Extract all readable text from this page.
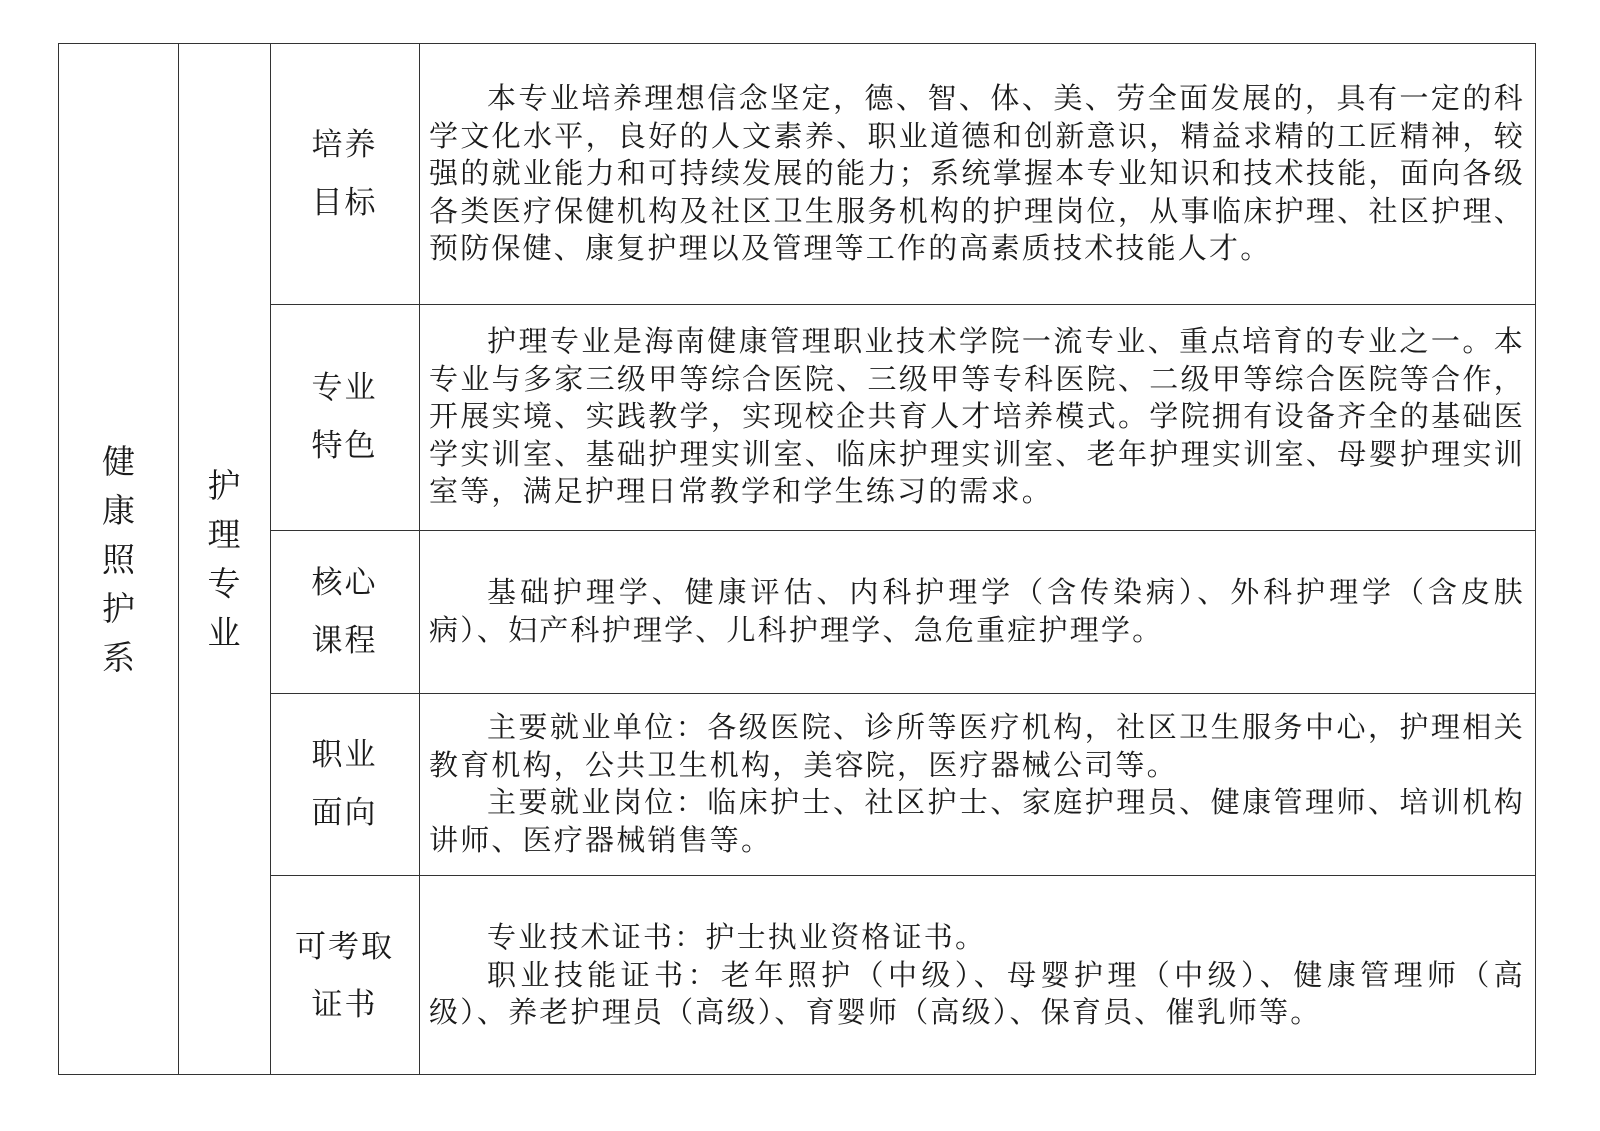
健
康
照
护
系
护
理
专
业
培养
目标

本专业培养理想信念坚定，德、智、体、美、劳全面发展的，具有一定的科学文化水平，良好的人文素养、职业道德和创新意识，精益求精的工匠精神，较强的就业能力和可持续发展的能力；系统掌握本专业知识和技术技能，面向各级各类医疗保健机构及社区卫生服务机构的护理岗位，从事临床护理、社区护理、预防保健、康复护理以及管理等工作的高素质技术技能人才。

专业
特色

护理专业是海南健康管理职业技术学院一流专业、重点培育的专业之一。本专业与多家三级甲等综合医院、三级甲等专科医院、二级甲等综合医院等合作，开展实境、实践教学，实现校企共育人才培养模式。学院拥有设备齐全的基础医学实训室、基础护理实训室、临床护理实训室、老年护理实训室、母婴护理实训室等，满足护理日常教学和学生练习的需求。

核心
课程

基础护理学、健康评估、内科护理学（含传染病）、外科护理学（含皮肤病）、妇产科护理学、儿科护理学、急危重症护理学。

职业
面向

主要就业单位：各级医院、诊所等医疗机构，社区卫生服务中心，护理相关教育机构，公共卫生机构，美容院，医疗器械公司等。

主要就业岗位：临床护士、社区护士、家庭护理员、健康管理师、培训机构讲师、医疗器械销售等。

可考取
证书

专业技术证书：护士执业资格证书。

职业技能证书：老年照护（中级）、母婴护理（中级）、健康管理师（高级）、养老护理员（高级）、育婴师（高级）、保育员、催乳师等。
